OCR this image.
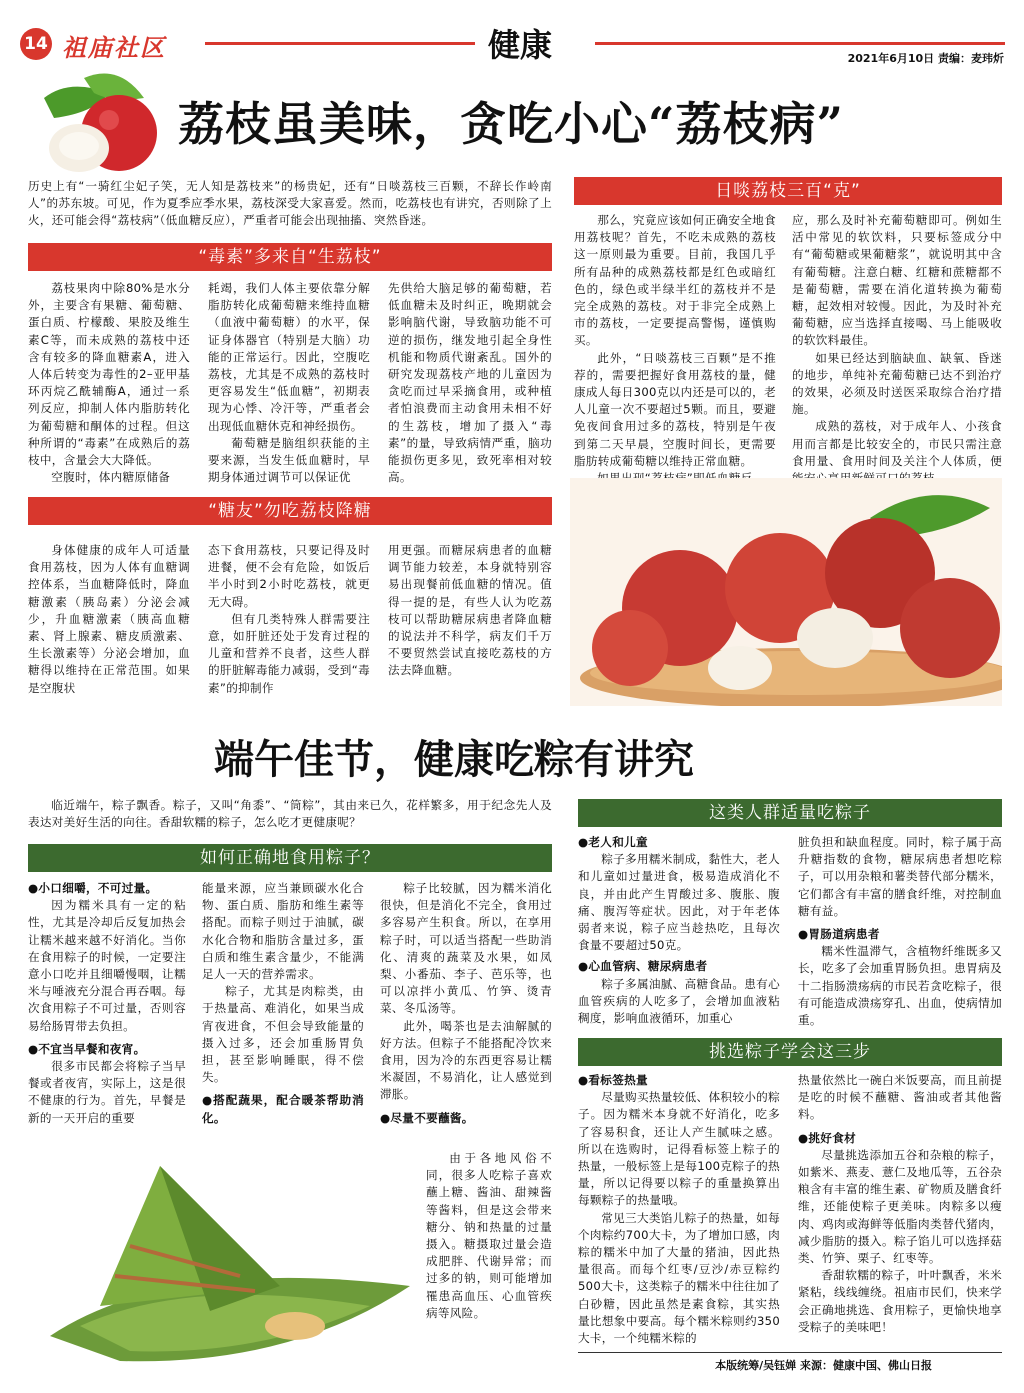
14 祖庙社区	健康	2021年6月10日 责编：麦玮炘
荔枝虽美味，贪吃小心“荔枝病”

历史上有“一骑红尘妃子笑，无人知是荔枝来”的杨贵妃，还有“日啖荔枝三百颗，不辞长作岭南人”的苏东坡。可见，作为夏季应季水果，荔枝深受大家喜爱。然而，吃荔枝也有讲究，否则除了上火，还可能会得“荔枝病”（低血糖反应），严重者可能会出现抽搐、突然昏迷。

“毒素”多来自“生荔枝”

荔枝果肉中除80%是水分外，主要含有果糖、葡萄糖、蛋白质、柠檬酸、果胶及维生素C等，而未成熟的荔枝中还含有较多的降血糖素A，进入人体后转变为毒性的2–亚甲基环丙烷乙酰辅酶A，通过一系列反应，抑制人体内脂肪转化为葡萄糖和酮体的过程。但这种所谓的“毒素”在成熟后的荔枝中，含量会大大降低。

空腹时，体内糖原储备

耗竭，我们人体主要依靠分解脂肪转化成葡萄糖来维持血糖（血液中葡萄糖）的水平，保证身体器官（特别是大脑）功能的正常运行。因此，空腹吃荔枝，尤其是不成熟的荔枝时更容易发生“低血糖”，初期表现为心悸、冷汗等，严重者会出现低血糖休克和神经损伤。

葡萄糖是脑组织获能的主要来源，当发生低血糖时，早期身体通过调节可以保证优

先供给大脑足够的葡萄糖，若低血糖未及时纠正，晚期就会影响脑代谢，导致脑功能不可逆的损伤，继发地引起全身性机能和物质代谢紊乱。国外的研究发现荔枝产地的儿童因为贪吃而过早采摘食用，或种植者怕浪费而主动食用未相不好的生荔枝，增加了摄入“毒素”的量，导致病情严重，脑功能损伤更多见，致死率相对较高。

“糖友”勿吃荔枝降糖

身体健康的成年人可适量食用荔枝，因为人体有血糖调控体系，当血糖降低时，降血糖激素（胰岛素）分泌会减少，升血糖激素（胰高血糖素、肾上腺素、糖皮质激素、生长激素等）分泌会增加，血糖得以维持在正常范围。如果是空腹状

态下食用荔枝，只要记得及时进餐，便不会有危险，如饭后半小时到2小时吃荔枝，就更无大碍。

但有几类特殊人群需要注意，如肝脏还处于发育过程的儿童和营养不良者，这些人群的肝脏解毒能力减弱，受到“毒素”的抑制作

用更强。而糖尿病患者的血糖调节能力较差，本身就特别容易出现餐前低血糖的情况。值得一提的是，有些人认为吃荔枝可以帮助糖尿病患者降血糖的说法并不科学，病友们千万不要贸然尝试直接吃荔枝的方法去降血糖。

日啖荔枝三百“克”

那么，究竟应该如何正确安全地食用荔枝呢？首先，不吃未成熟的荔枝这一原则最为重要。目前，我国几乎所有品种的成熟荔枝都是红色或暗红色的，绿色或半绿半红的荔枝并不是完全成熟的荔枝。对于非完全成熟上市的荔枝，一定要提高警惕，谨慎购买。

此外，“日啖荔枝三百颗”是不推荐的，需要把握好食用荔枝的量，健康成人每日300克以内还是可以的，老人儿童一次不要超过5颗。而且，要避免夜间食用过多的荔枝，特别是午夜到第二天早晨，空腹时间长，更需要脂肪转成葡萄糖以维持正常血糖。

应，那么及时补充葡萄糖即可。例如生活中常见的软饮料，只要标签成分中有“葡萄糖或果葡糖浆”，就说明其中含有葡萄糖。注意白糖、红糖和蔗糖都不是葡萄糖，需要在消化道转换为葡萄糖，起效相对较慢。因此，为及时补充葡萄糖，应当选择直接喝、马上能吸收的软饮料最佳。

如果已经达到脑缺血、缺氧、昏迷的地步，单纯补充葡萄糖已达不到治疗的效果，必须及时送医采取综合治疗措施。

成熟的荔枝，对于成年人、小孩食用而言都是比较安全的，市民只需注意食用量、食用时间及关注个人体质，便

端午佳节，健康吃粽有讲究

临近端午，粽子飘香。粽子，又叫“角黍”、“筒粽”，其由来已久，花样繁多，用于纪念先人及表达对美好生活的向往。香甜软糯的粽子，怎么吃才更健康呢？

如何正确地食用粽子？

●小口细嚼，不可过量。

因为糯米具有一定的粘性，尤其是冷却后反复加热会让糯米越来越不好消化。当你在食用粽子的时候，一定要注意小口吃并且细嚼慢咽，让糯米与唾液充分混合再吞咽。每次食用粽子不可过量，否则容易给肠胃带去负担。

●不宜当早餐和夜宵。

很多市民都会将粽子当早餐或者夜宵，实际上，这是很不健康的行为。首先，早餐是新的一天开启的重要

能量来源，应当兼顾碳水化合物、蛋白质、脂肪和维生素等搭配。而粽子则过于油腻，碳水化合物和脂肪含量过多，蛋白质和维生素含量少，不能满足人一天的营养需求。

粽子，尤其是肉粽类，由于热量高、难消化，如果当成宵夜进食，不但会导致能量的摄入过多，还会加重肠胃负担，甚至影响睡眠，得不偿失。

●搭配蔬果，配合暖茶帮助消化。

粽子比较腻，因为糯米消化很快，但是消化不完全，食用过多容易产生积食。所以，在享用粽子时，可以适当搭配一些助消化、清爽的蔬菜及水果，如凤梨、小番茄、李子、芭乐等，也可以凉拌小黄瓜、竹笋、烫青菜、冬瓜汤等。

此外，喝茶也是去油解腻的好方法。但粽子不能搭配冷饮来食用，因为冷的东西更容易让糯米凝固，不易消化，让人感觉到滞胀。

●尽量不要蘸酱。

由于各地风俗不同，很多人吃粽子喜欢蘸上糖、酱油、甜辣酱等酱料，但是这会带来糖分、钠和热量的过量摄入。糖摄取过量会造成肥胖、代谢异常；而过多的钠，则可能增加罹患高血压、心血管疾病等风险。

这类人群适量吃粽子

●老人和儿童

粽子多用糯米制成，黏性大，老人和儿童如过量进食，极易造成消化不良，并由此产生胃酸过多、腹胀、腹痛、腹泻等症状。因此，对于年老体弱者来说，粽子应当趁热吃，且每次食量不要超过50克。

●心血管病、糖尿病患者

粽子多属油腻、高糖食品。患有心血管疾病的人吃多了，会增加血液粘稠度，影响血液循环，加重心

脏负担和缺血程度。同时，粽子属于高升糖指数的食物，糖尿病患者想吃粽子，可以用杂粮和薯类替代部分糯米，它们都含有丰富的膳食纤维，对控制血糖有益。

●胃肠道病患者

糯米性温滞气，含植物纤维既多又长，吃多了会加重胃肠负担。患胃病及十二指肠溃疡病的市民若贪吃粽子，很有可能造成溃疡穿孔、出血，使病情加重。

挑选粽子学会这三步

●看标签热量

尽量购买热量较低、体积较小的粽子。因为糯米本身就不好消化，吃多了容易积食，还让人产生腻味之感。所以在选购时，记得看标签上粽子的热量，一般标签上是每100克粽子的热量，所以记得要以粽子的重量换算出每颗粽子的热量哦。

常见三大类馅儿粽子的热量，如每个肉粽约700大卡，为了增加口感，肉粽的糯米中加了大量的猪油，因此热量很高。而每个红枣/豆沙/赤豆粽约500大卡，这类粽子的糯米中往往加了白砂糖，因此虽然是素食粽，其实热量比想象中要高。每个糯米粽则约350大卡，一个纯糯米粽的

热量依然比一碗白米饭要高，而且前提是吃的时候不蘸糖、酱油或者其他酱料。

●挑好食材

尽量挑选添加五谷和杂粮的粽子，如紫米、燕麦、薏仁及地瓜等，五谷杂粮含有丰富的维生素、矿物质及膳食纤维，还能使粽子更美味。肉粽多以瘦肉、鸡肉或海鲜等低脂肉类替代猪肉，减少脂肪的摄入。粽子馅儿可以选择菇类、竹笋、栗子、红枣等。

香甜软糯的粽子，叶叶飘香，米米紧粘，线线缠绕。祖庙市民们，快来学会正确地挑选、食用粽子，更愉快地享受粽子的美味吧！

本版统筹/吴钰婵 来源：健康中国、佛山日报
